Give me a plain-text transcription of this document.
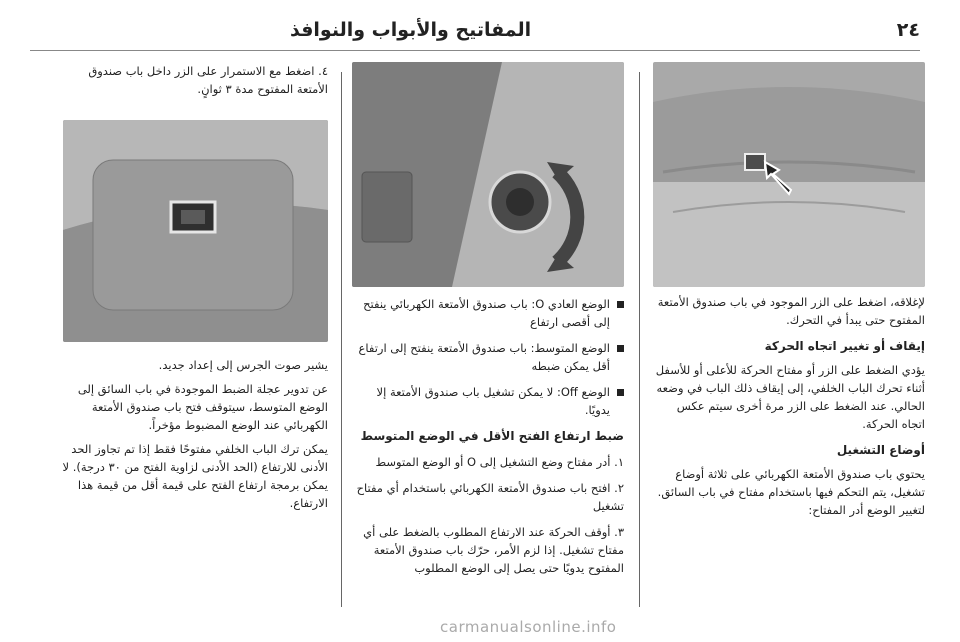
٢٤
المفاتيح والأبواب والنوافذ

لإغلاقه، اضغط على الزر الموجود في باب صندوق الأمتعة المفتوح حتى يبدأ في التحرك.

إيقاف أو تغيير اتجاه الحركة

يؤدي الضغط على الزر أو مفتاح الحركة للأعلى أو للأسفل أثناء تحرك الباب الخلفي، إلى إيقاف ذلك الباب في وضعه الحالي. عند الضغط على الزر مرة أخرى سيتم عكس اتجاه الحركة.

أوضاع التشغيل

يحتوي باب صندوق الأمتعة الكهربائي على ثلاثة أوضاع تشغيل، يتم التحكم فيها باستخدام مفتاح في باب السائق. لتغيير الوضع أدر المفتاح:

الوضع العادي O: باب صندوق الأمتعة الكهربائي ينفتح إلى أقصى ارتفاع

الوضع المتوسط: باب صندوق الأمتعة ينفتح إلى ارتفاع أقل يمكن ضبطه

الوضع Off: لا يمكن تشغيل باب صندوق الأمتعة إلا يدويًا.

ضبط ارتفاع الفتح الأقل في الوضع المتوسط

١. أدر مفتاح وضع التشغيل إلى O أو الوضع المتوسط

٢. افتح باب صندوق الأمتعة الكهربائي باستخدام أي مفتاح تشغيل

٣. أوقف الحركة عند الارتفاع المطلوب بالضغط على أي مفتاح تشغيل. إذا لزم الأمر، حرّك باب صندوق الأمتعة المفتوح يدويًا حتى يصل إلى الوضع المطلوب

٤. اضغط مع الاستمرار على الزر داخل باب صندوق الأمتعة المفتوح مدة ٣ ثوانٍ.

يشير صوت الجرس إلى إعداد جديد.

عن تدوير عجلة الضبط الموجودة في باب السائق إلى الوضع المتوسط، سيتوقف فتح باب صندوق الأمتعة الكهربائي عند الوضع المضبوط مؤخراً.

يمكن ترك الباب الخلفي مفتوحًا فقط إذا تم تجاوز الحد الأدنى للارتفاع (الحد الأدنى لزاوية الفتح من ٣٠ درجة). لا يمكن برمجة ارتفاع الفتح على قيمة أقل من قيمة هذا الارتفاع.

carmanualsonline.info
